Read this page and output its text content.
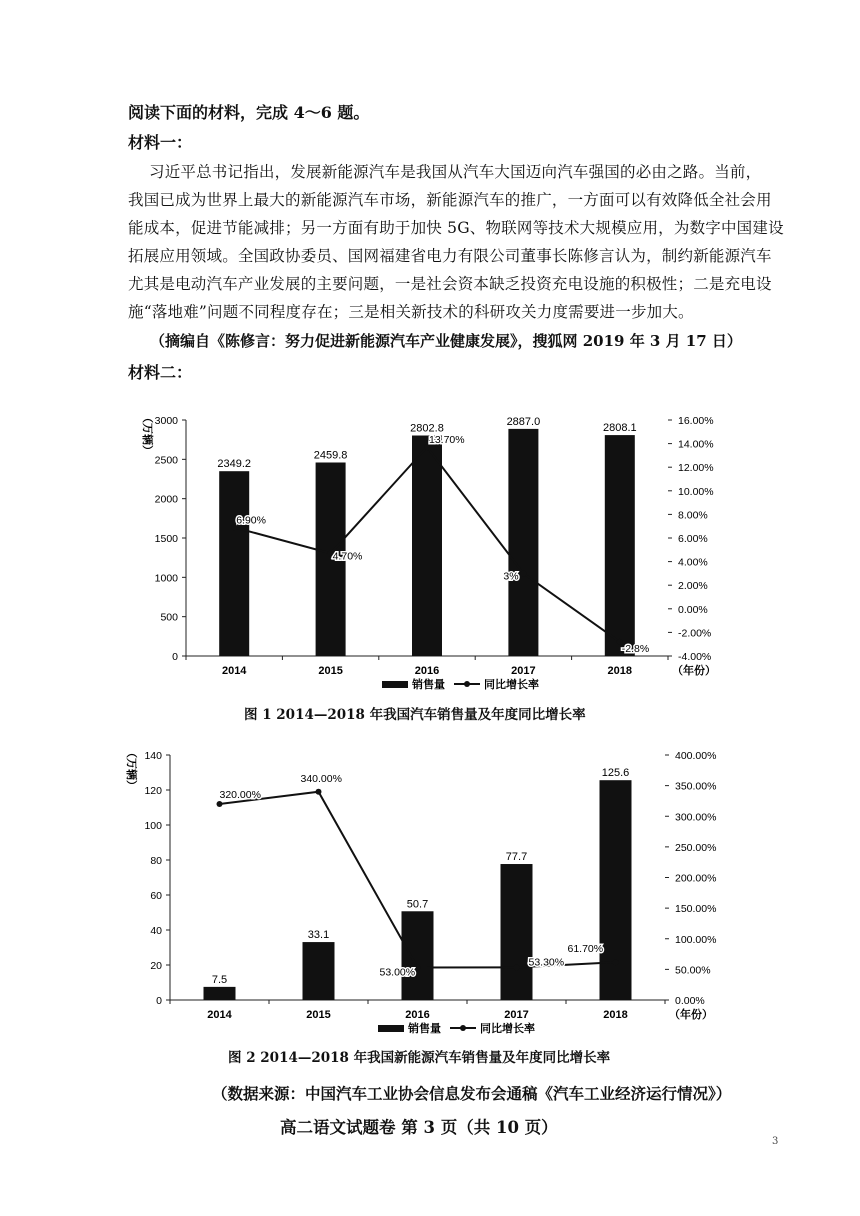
阅读下面的材料，完成 4～6 题。
材料一：
习近平总书记指出，发展新能源汽车是我国从汽车大国迈向汽车强国的必由之路。当前，
我国已成为世界上最大的新能源汽车市场，新能源汽车的推广，一方面可以有效降低全社会用
能成本，促进节能减排；另一方面有助于加快 5G、物联网等技术大规模应用，为数字中国建设
拓展应用领域。全国政协委员、国网福建省电力有限公司董事长陈修言认为，制约新能源汽车
尤其是电动汽车产业发展的主要问题，一是社会资本缺乏投资充电设施的积极性；二是充电设
施“落地难”问题不同程度存在；三是相关新技术的科研攻关力度需要进一步加大。
（摘编自《陈修言：努力促进新能源汽车产业健康发展》，搜狐网 2019 年 3 月 17 日）
材料二：
0
500
1000
1500
2000
2500
3000
-4.00%
-2.00%
0.00%
2.00%
4.00%
6.00%
8.00%
10.00%
12.00%
14.00%
16.00%
（万辆）
2349.2
2459.8
2802.8
2887.0
2808.1
6.90%
4.70%
13.70%
3%
-2.8%
2014	2015	2016	2017	2018	（年份）
销售量	同比增长率
图 1 2014—2018 年我国汽车销售量及年度同比增长率
0
20
40
60
80
100
120
140
0.00%
50.00%
100.00%
150.00%
200.00%
250.00%
300.00%
350.00%
400.00%
（万辆）
7.5
33.1
50.7
77.7
125.6
320.00%
340.00%
53.00%
53.30%
61.70%
2014	2015	2016	2017	2018	（年份）
销售量	同比增长率
图 2 2014—2018 年我国新能源汽车销售量及年度同比增长率
（数据来源：中国汽车工业协会信息发布会通稿《汽车工业经济运行情况》）
高二语文试题卷 第 3 页（共 10 页）
3
